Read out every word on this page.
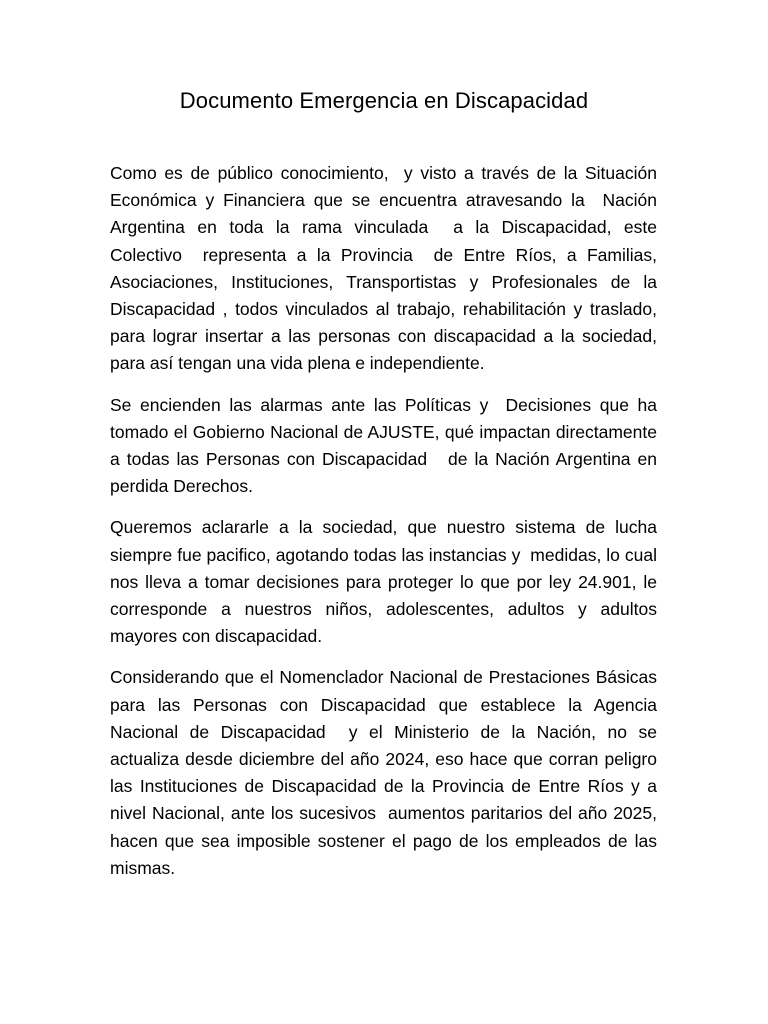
Documento Emergencia en Discapacidad

Como es de público conocimiento,  y visto a través de la Situación Económica y Financiera que se encuentra atravesando la  Nación Argentina en toda la rama vinculada  a la Discapacidad, este Colectivo  representa a la Provincia  de Entre Ríos, a Familias, Asociaciones, Instituciones, Transportistas y Profesionales de la Discapacidad , todos vinculados al trabajo, rehabilitación y traslado, para lograr insertar a las personas con discapacidad a la sociedad, para así tengan una vida plena e independiente.

Se encienden las alarmas ante las Políticas y  Decisiones que ha tomado el Gobierno Nacional de AJUSTE, qué impactan directamente a todas las Personas con Discapacidad   de la Nación Argentina en perdida Derechos.

Queremos aclararle a la sociedad, que nuestro sistema de lucha siempre fue pacifico, agotando todas las instancias y  medidas, lo cual  nos lleva a tomar decisiones para proteger lo que por ley 24.901, le   corresponde a nuestros niños, adolescentes, adultos y adultos mayores con discapacidad.

Considerando que el Nomenclador Nacional de Prestaciones Básicas para las Personas con Discapacidad que establece la Agencia Nacional de Discapacidad  y el Ministerio de la Nación, no se actualiza desde diciembre del año 2024, eso hace que corran peligro las Instituciones de Discapacidad de la Provincia de Entre Ríos y a nivel Nacional, ante los sucesivos  aumentos paritarios del año 2025, hacen que sea imposible sostener el pago de los empleados de las mismas.
